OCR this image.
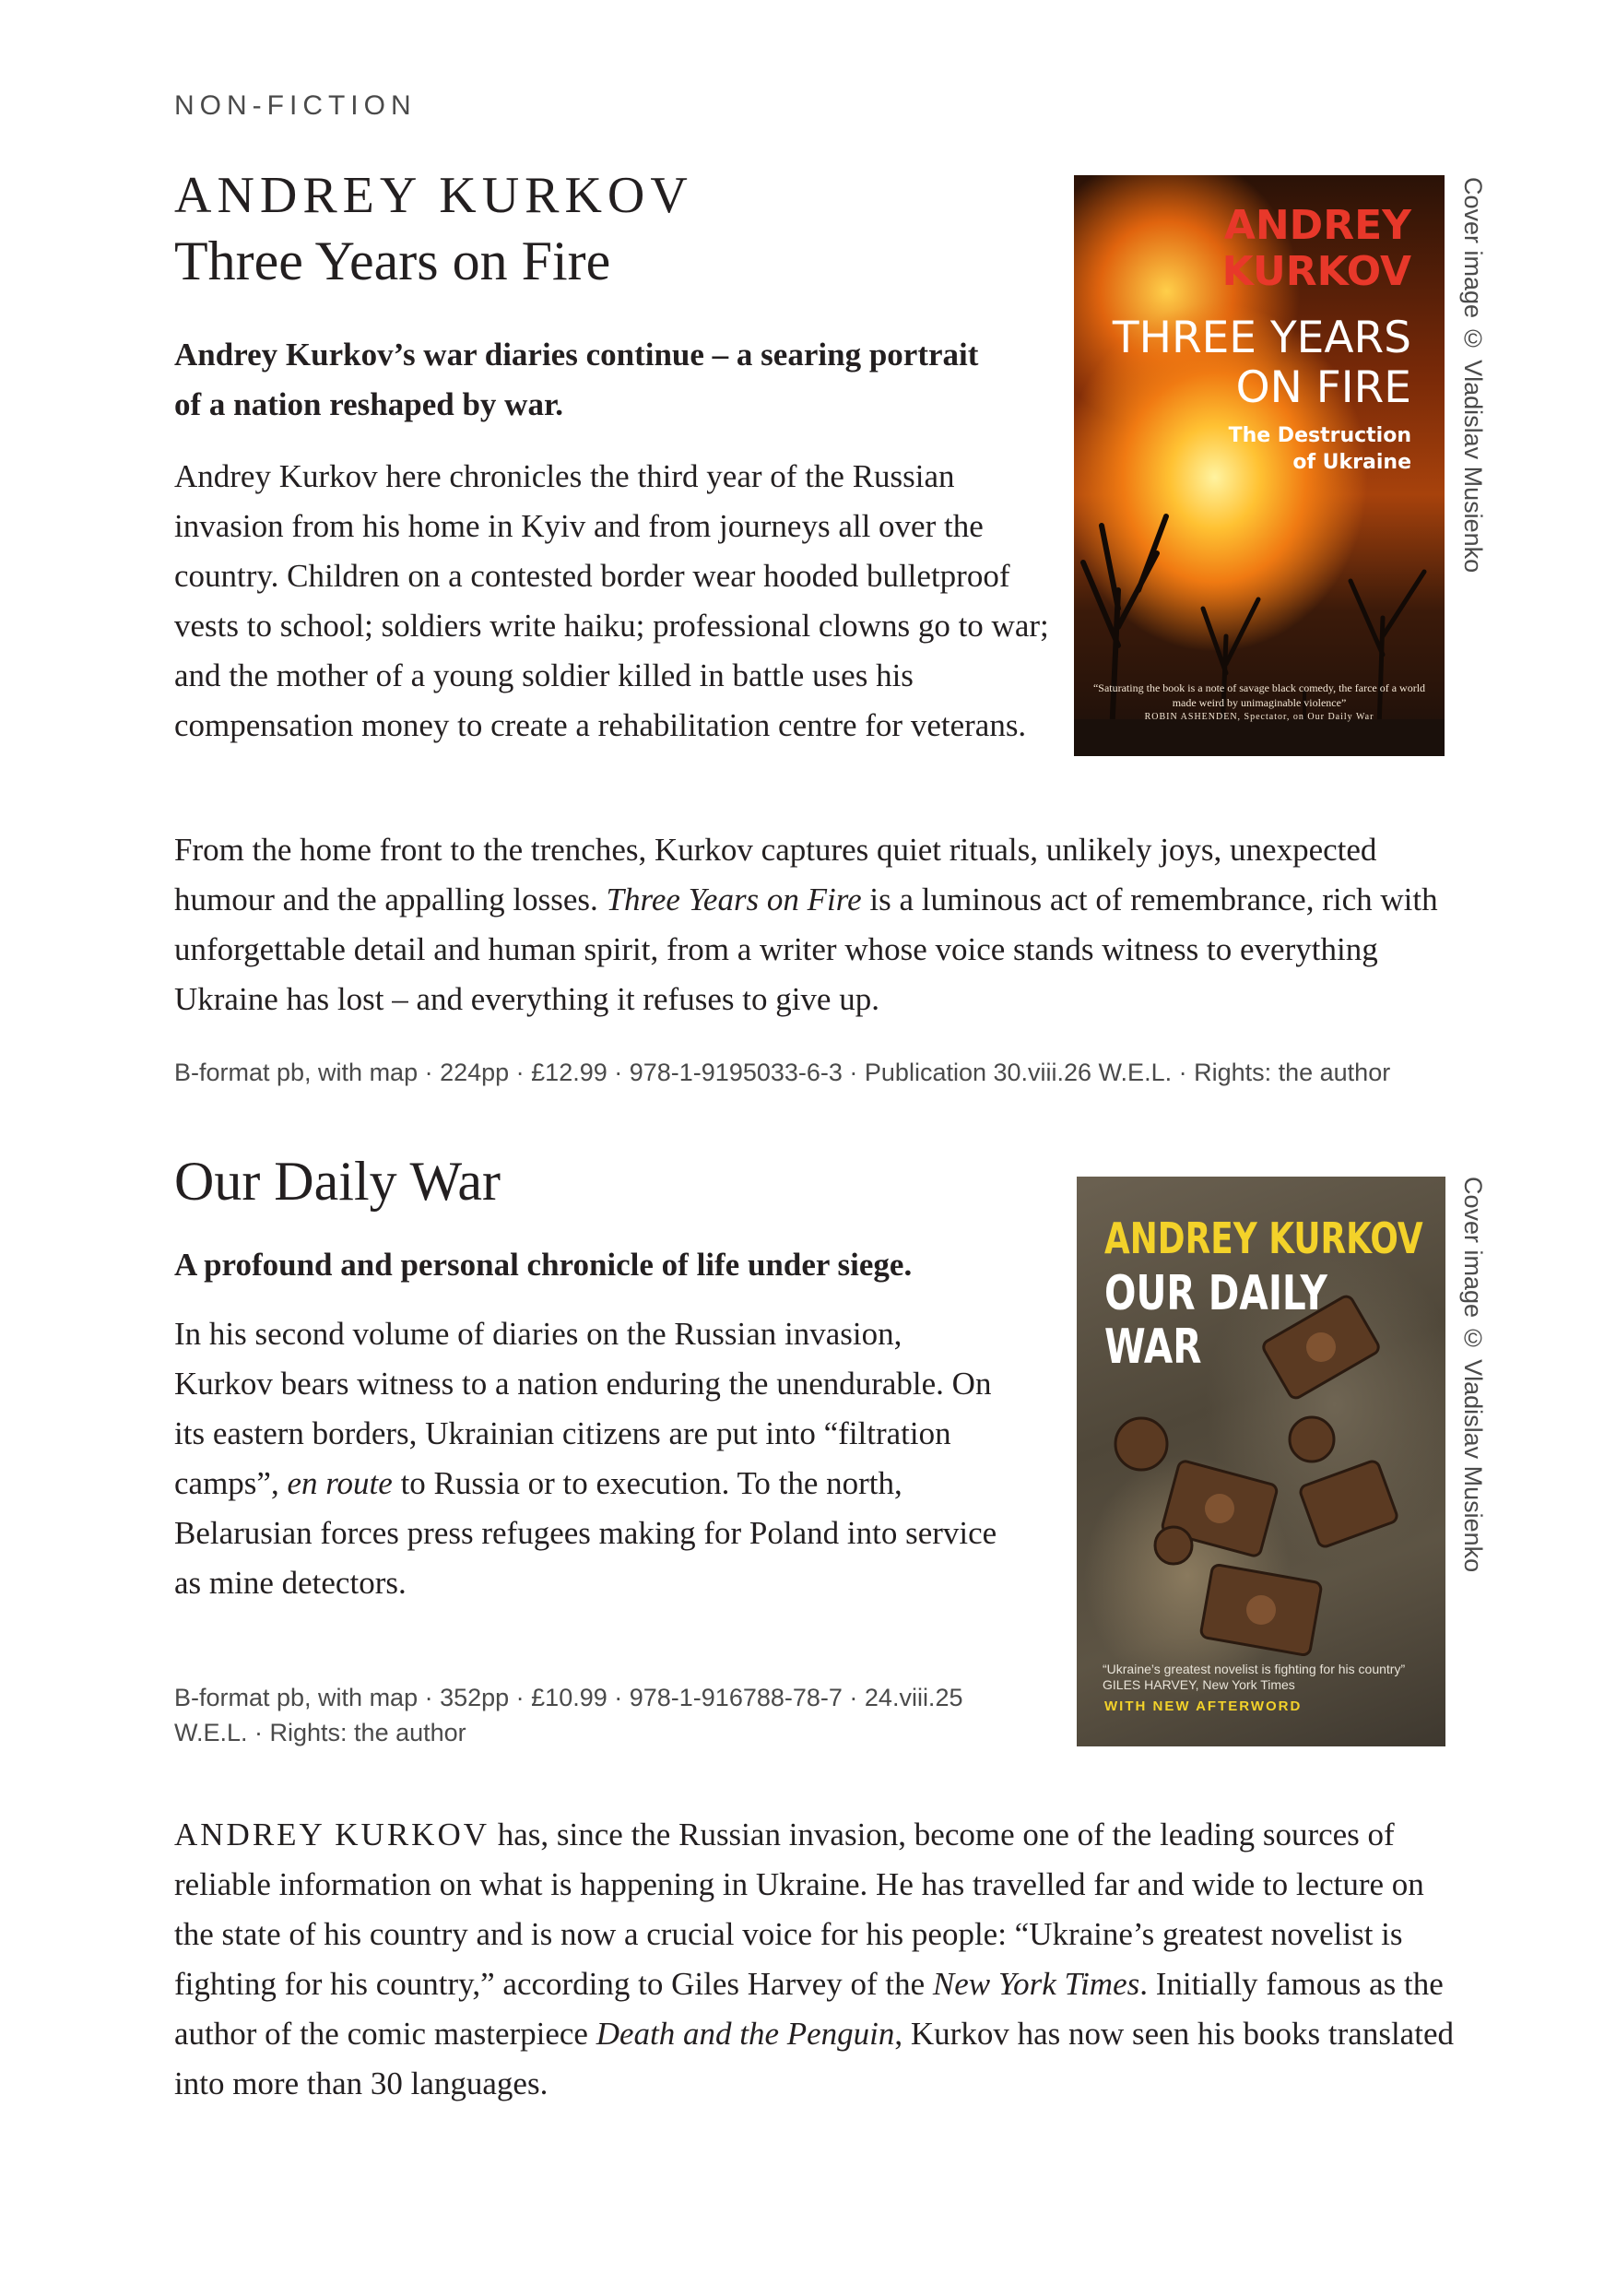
NON-FICTION
ANDREY KURKOV
Three Years on Fire
Andrey Kurkov’s war diaries continue – a searing portrait of a nation reshaped by war.

Andrey Kurkov here chronicles the third year of the Russian invasion from his home in Kyiv and from journeys all over the country. Children on a contested border wear hooded bulletproof vests to school; soldiers write haiku; professional clowns go to war; and the mother of a young soldier killed in battle uses his compensation money to create a rehabilitation centre for veterans.

From the home front to the trenches, Kurkov captures quiet rituals, unlikely joys, unexpected humour and the appalling losses. Three Years on Fire is a luminous act of remembrance, rich with unforgettable detail and human spirit, from a writer whose voice stands witness to everything Ukraine has lost – and everything it refuses to give up.

B-format pb, with map · 224pp · £12.99 · 978-1-9195033-6-3 · Publication 30.viii.26 W.E.L. · Rights: the author
ANDREY
KURKOV
THREE YEARS
ON FIRE
The Destruction
of Ukraine
“Saturating the book is a note of savage black comedy, the farce of a world made weird by unimaginable violence”
ROBIN ASHENDEN, Spectator, on Our Daily War
Cover image © Vladislav Musienko
Our Daily War
A profound and personal chronicle of life under siege.

In his second volume of diaries on the Russian invasion, Kurkov bears witness to a nation enduring the unendurable. On its eastern borders, Ukrainian citizens are put into “filtration camps”, en route to Russia or to execution. To the north, Belarusian forces press refugees making for Poland into service as mine detectors.

B-format pb, with map · 352pp · £10.99 · 978-1-916788-78-7 · 24.viii.25
W.E.L. · Rights: the author
ANDREY KURKOV
OUR DAILY
WAR
“Ukraine’s greatest novelist is fighting for his country” GILES HARVEY, New York Times
WITH NEW AFTERWORD
Cover image © Vladislav Musienko

ANDREY KURKOV has, since the Russian invasion, become one of the leading sources of reliable information on what is happening in Ukraine. He has travelled far and wide to lecture on the state of his country and is now a crucial voice for his people: “Ukraine’s greatest novelist is fighting for his country,” according to Giles Harvey of the New York Times. Initially famous as the author of the comic masterpiece Death and the Penguin, Kurkov has now seen his books translated into more than 30 languages.
